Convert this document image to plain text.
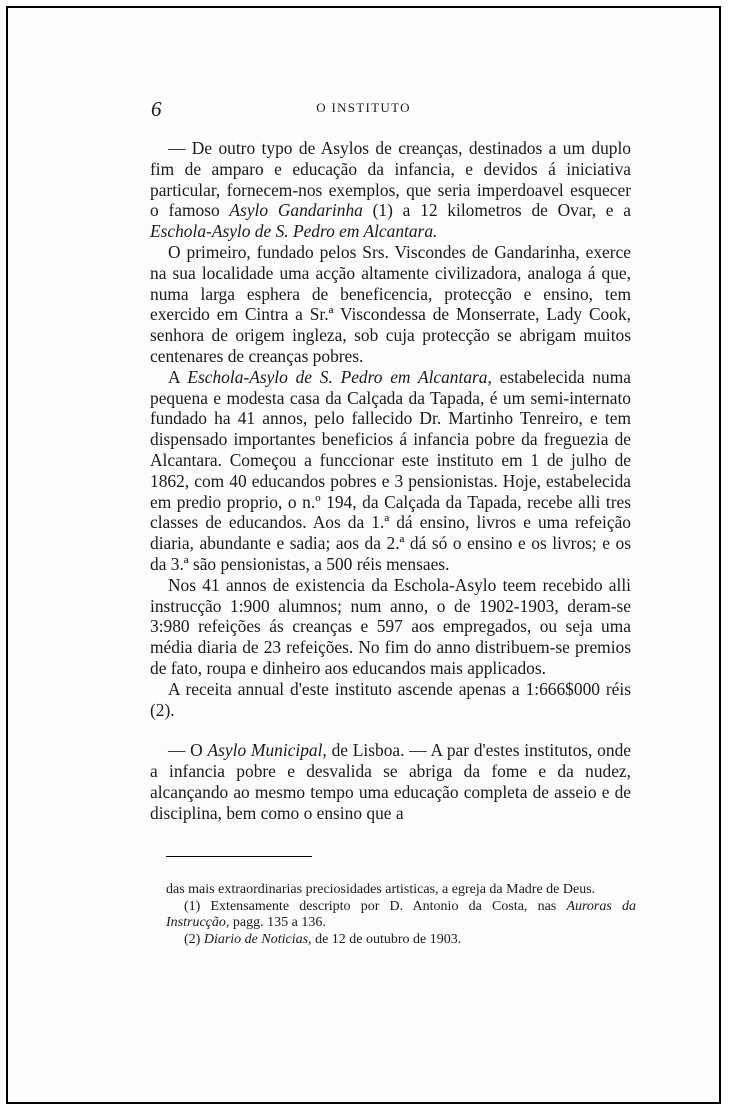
6	O INSTITUTO

— De outro typo de Asylos de creanças, destinados a um duplo fim de amparo e educação da infancia, e devidos á iniciativa particular, fornecem-nos exemplos, que seria imperdoavel esquecer o famoso Asylo Gandarinha (1) a 12 kilometros de Ovar, e a Eschola-Asylo de S. Pedro em Alcantara.

O primeiro, fundado pelos Srs. Viscondes de Gandarinha, exerce na sua localidade uma acção altamente civilizadora, analoga á que, numa larga esphera de beneficencia, protecção e ensino, tem exercido em Cintra a Sr.ª Viscondessa de Monserrate, Lady Cook, senhora de origem ingleza, sob cuja protecção se abrigam muitos centenares de creanças pobres.

A Eschola-Asylo de S. Pedro em Alcantara, estabelecida numa pequena e modesta casa da Calçada da Tapada, é um semi-internato fundado ha 41 annos, pelo fallecido Dr. Martinho Tenreiro, e tem dispensado importantes beneficios á infancia pobre da freguezia de Alcantara. Começou a funccionar este instituto em 1 de julho de 1862, com 40 educandos pobres e 3 pensionistas. Hoje, estabelecida em predio proprio, o n.º 194, da Calçada da Tapada, recebe alli tres classes de educandos. Aos da 1.ª dá ensino, livros e uma refeição diaria, abundante e sadia; aos da 2.ª dá só o ensino e os livros; e os da 3.ª são pensionistas, a 500 réis mensaes.

Nos 41 annos de existencia da Eschola-Asylo teem recebido alli instrucção 1:900 alumnos; num anno, o de 1902-1903, deram-se 3:980 refeições ás creanças e 597 aos empregados, ou seja uma média diaria de 23 refeições. No fim do anno distribuem-se premios de fato, roupa e dinheiro aos educandos mais applicados.

A receita annual d'este instituto ascende apenas a 1:666$000 réis (2).

— O Asylo Municipal, de Lisboa. — A par d'estes institutos, onde a infancia pobre e desvalida se abriga da fome e da nudez, alcançando ao mesmo tempo uma educação completa de asseio e de disciplina, bem como o ensino que a

das mais extraordinarias preciosidades artisticas, a egreja da Madre de Deus.

(1) Extensamente descripto por D. Antonio da Costa, nas Auroras da Instrucção, pagg. 135 a 136.

(2) Diario de Noticias, de 12 de outubro de 1903.
